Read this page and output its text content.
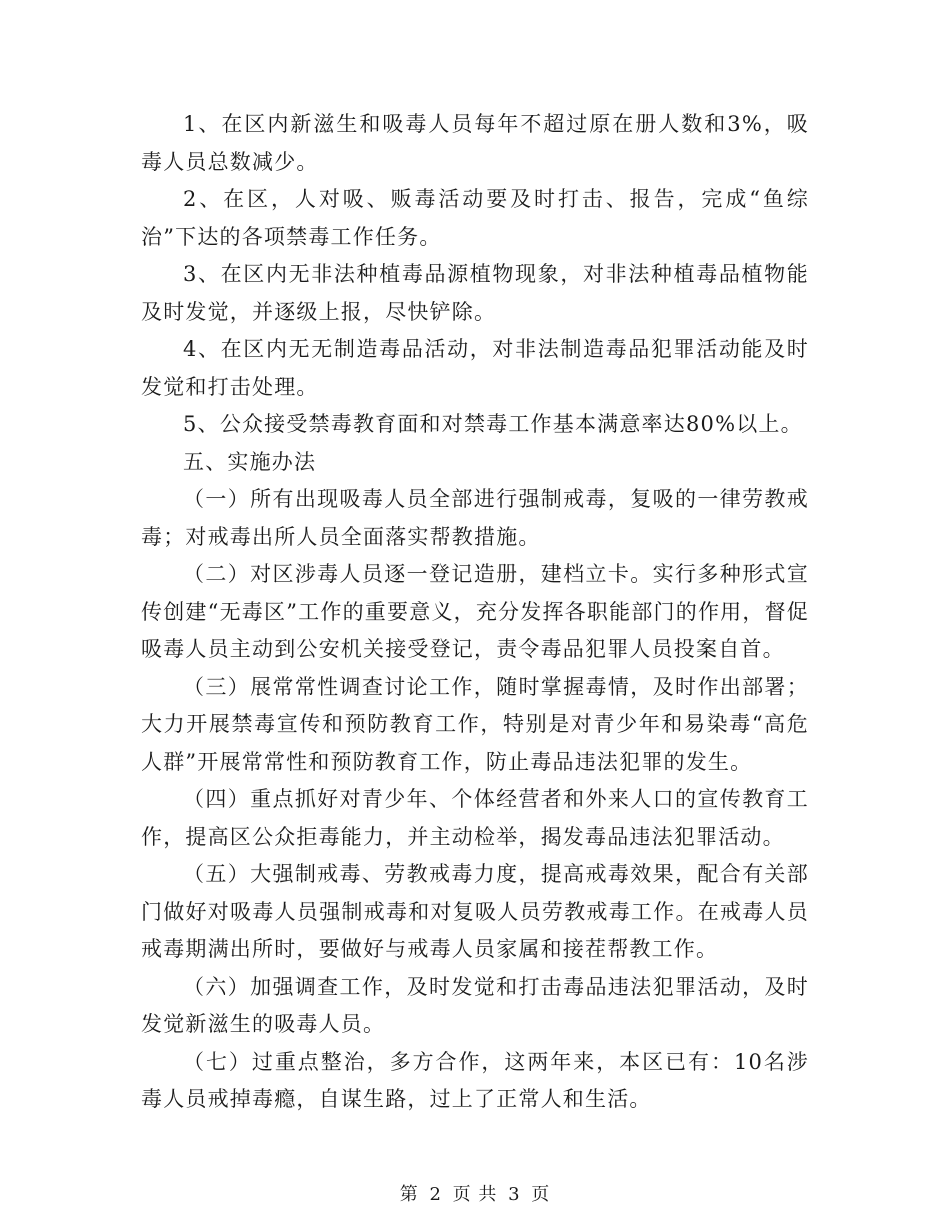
1、在区内新滋生和吸毒人员每年不超过原在册人数和3%，吸毒人员总数减少。

2、在区，人对吸、贩毒活动要及时打击、报告，完成“鱼综治”下达的各项禁毒工作任务。

3、在区内无非法种植毒品源植物现象，对非法种植毒品植物能及时发觉，并逐级上报，尽快铲除。

4、在区内无无制造毒品活动，对非法制造毒品犯罪活动能及时发觉和打击处理。

5、公众接受禁毒教育面和对禁毒工作基本满意率达80%以上。

五、实施办法

（一）所有出现吸毒人员全部进行强制戒毒，复吸的一律劳教戒毒；对戒毒出所人员全面落实帮教措施。

（二）对区涉毒人员逐一登记造册，建档立卡。实行多种形式宣传创建“无毒区”工作的重要意义，充分发挥各职能部门的作用，督促吸毒人员主动到公安机关接受登记，责令毒品犯罪人员投案自首。

（三）展常常性调查讨论工作，随时掌握毒情，及时作出部署；大力开展禁毒宣传和预防教育工作，特别是对青少年和易染毒“高危人群”开展常常性和预防教育工作，防止毒品违法犯罪的发生。

（四）重点抓好对青少年、个体经营者和外来人口的宣传教育工作，提高区公众拒毒能力，并主动检举，揭发毒品违法犯罪活动。

（五）大强制戒毒、劳教戒毒力度，提高戒毒效果，配合有关部门做好对吸毒人员强制戒毒和对复吸人员劳教戒毒工作。在戒毒人员戒毒期满出所时，要做好与戒毒人员家属和接茬帮教工作。

（六）加强调查工作，及时发觉和打击毒品违法犯罪活动，及时发觉新滋生的吸毒人员。

（七）过重点整治，多方合作，这两年来，本区已有：10名涉毒人员戒掉毒瘾，自谋生路，过上了正常人和生活。

第 2 页 共 3 页
